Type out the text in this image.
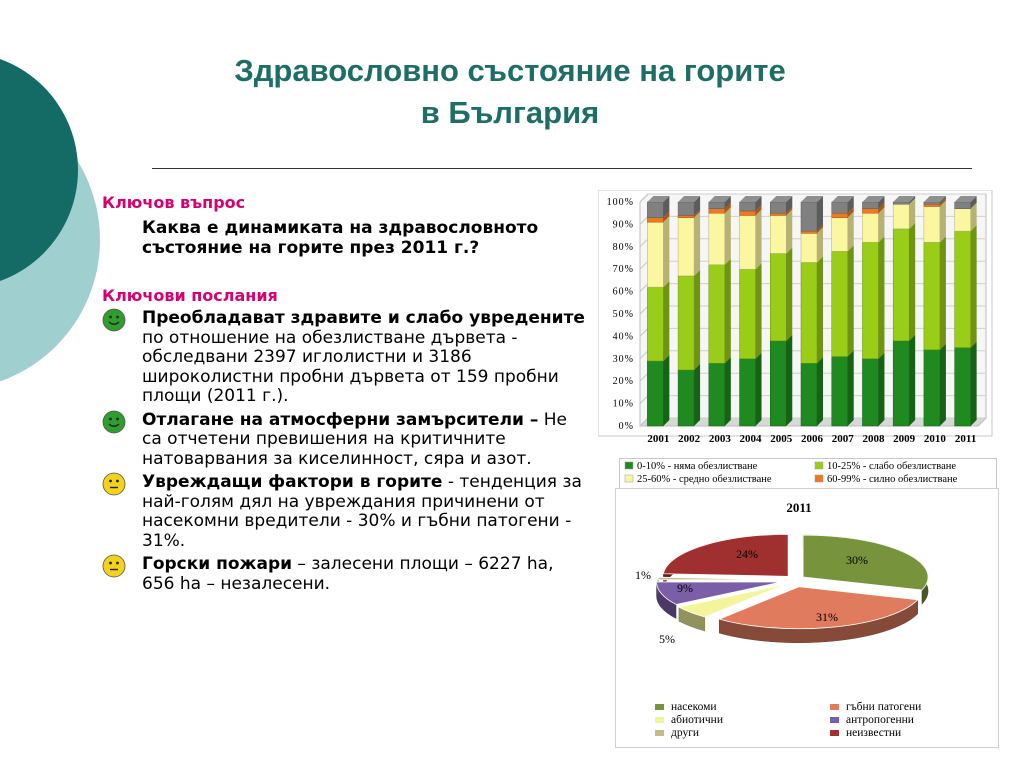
Здравословно състояние на горите
в България

Ключов въпрос

Каква е динамиката на здравословното състояние на горите през 2011 г.?

Ключови послания

Преобладават здравите и слабо увредените по отношение на обезлистване дървета - обследвани 2397 иглолистни и 3186 широколистни пробни дървета от 159 пробни площи (2011 г.).
Отлагане на атмосферни замърсители – Не са отчетени превишения на критичните натоварвания за киселинност, сяра и азот.
Увреждащи фактори в горите - тенденция за най-голям дял на увреждания причинени от насекомни вредители - 30% и гъбни патогени - 31%.
Горски пожари – залесени площи – 6227 ha, 656 ha – незалесени.
0%
10%
20%
30%
40%
50%
60%
70%
80%
90%
100%
2001 2002 2003 2004 2005 2006 2007 2008 2009 2010 2011
0-10% - няма обезлистване	10-25% - слабо обезлистване
25-60% - средно обезлистване	60-99% - силно обезлистване
2011
30%
31%
5%
9%
1%
24%
насекоми	гъбни патогени
абиотични	антропогенни
други	неизвестни
